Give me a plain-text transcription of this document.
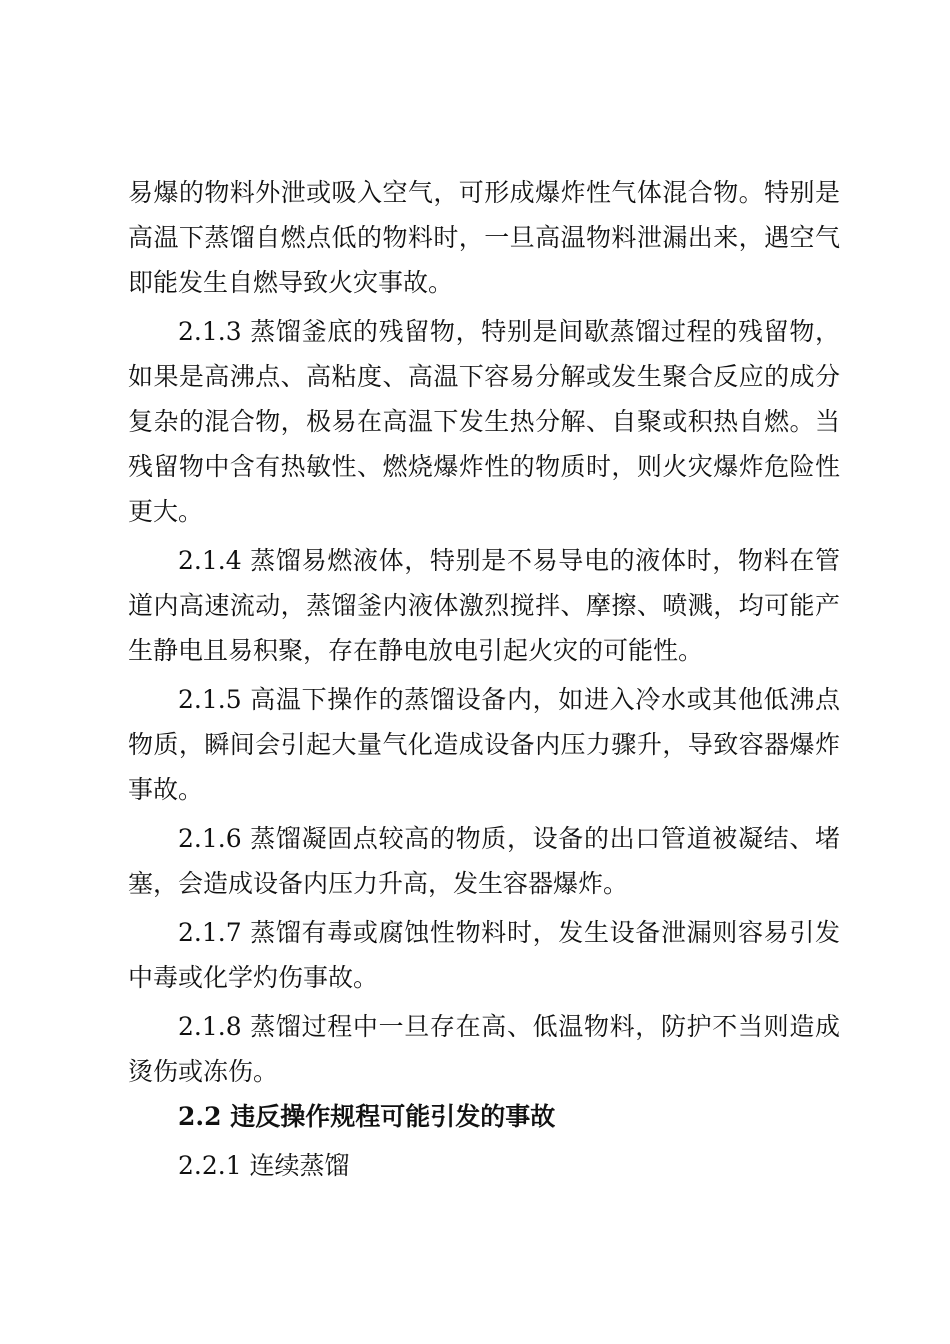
易爆的物料外泄或吸入空气，可形成爆炸性气体混合物。特别是高温下蒸馏自燃点低的物料时，一旦高温物料泄漏出来，遇空气即能发生自燃导致火灾事故。

2.1.3 蒸馏釜底的残留物，特别是间歇蒸馏过程的残留物，如果是高沸点、高粘度、高温下容易分解或发生聚合反应的成分复杂的混合物，极易在高温下发生热分解、自聚或积热自燃。当残留物中含有热敏性、燃烧爆炸性的物质时，则火灾爆炸危险性更大。

2.1.4 蒸馏易燃液体，特别是不易导电的液体时，物料在管道内高速流动，蒸馏釜内液体激烈搅拌、摩擦、喷溅，均可能产生静电且易积聚，存在静电放电引起火灾的可能性。

2.1.5 高温下操作的蒸馏设备内，如进入冷水或其他低沸点物质，瞬间会引起大量气化造成设备内压力骤升，导致容器爆炸事故。

2.1.6 蒸馏凝固点较高的物质，设备的出口管道被凝结、堵塞，会造成设备内压力升高，发生容器爆炸。

2.1.7 蒸馏有毒或腐蚀性物料时，发生设备泄漏则容易引发中毒或化学灼伤事故。

2.1.8 蒸馏过程中一旦存在高、低温物料，防护不当则造成烫伤或冻伤。

2.2 违反操作规程可能引发的事故

2.2.1 连续蒸馏
